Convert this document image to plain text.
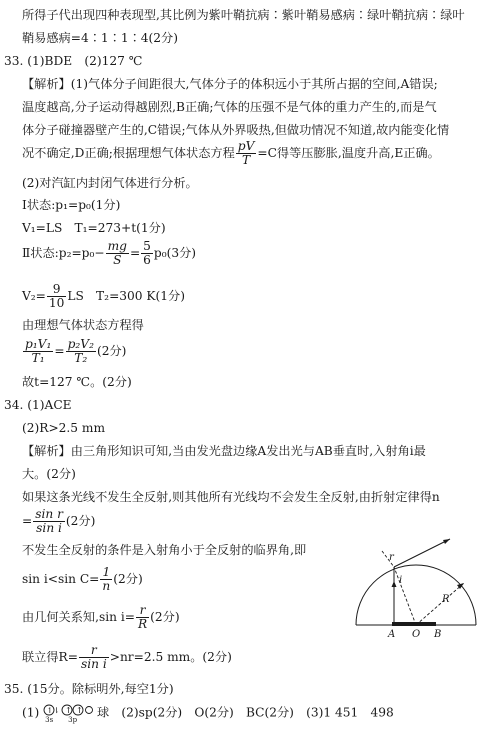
所得子代出现四种表现型,其比例为紫叶鞘抗病∶紫叶鞘易感病∶绿叶鞘抗病∶绿叶
鞘易感病=4∶1∶1∶4(2分)
33. (1)BDE　(2)127 ℃
【解析】(1)气体分子间距很大,气体分子的体积远小于其所占据的空间,A错误;
温度越高,分子运动得越剧烈,B正确;气体的压强不是气体的重力产生的,而是气
体分子碰撞器壁产生的,C错误;气体从外界吸热,但做功情况不知道,故内能变化情
况不确定,D正确;根据理想气体状态方程 $\frac{pV}{T} =C$得等压膨胀,温度升高,E正确。
(2)对汽缸内封闭气体进行分析。
Ⅰ状态:p₁=p₀(1分)
V₁=LS　T₁=273+t(1分)
Ⅱ状态:p₂=p₀− $\frac{mg}{S} = \frac{5}{6} p_0(3$分)
$V_2= \frac{9}{10}$ LS　T₂=300 K(1分)
由理想气体状态方程得
$\frac{\text{p₁V₁}}{\text{T₁}} = \frac{\text{p₂V₂}}{\text{T₂}} (2$分)
故t=127 ℃。(2分)
34. (1)ACE
(2)R>2.5 mm
【解析】由三角形知识可知,当由发光盘边缘A发出光与AB垂直时,入射角i最
大。(2分)
如果这条光线不发生全反射,则其他所有光线均不会发生全反射,由折射定律得n
= $\frac{\text{sin r}}{\text{sin i}} (2$分)
不发生全反射的条件是入射角小于全反射的临界角,即
sin i<sin $C= \frac{1}{n} (2$分)
由几何关系知,sin $i= \frac{r}{R} (2$分)
联立得$R= \frac{r}{\text{sin i}} >nr=2.5$ mm。(2分)
35. (15分。除标明外,每空1分)
(1) ↿⇂ ↑ ↑
3s 3p
球　(2)sp(2分)　O(2分)　BC(2分)　(3)1 451　498
r
i
R
A O B
